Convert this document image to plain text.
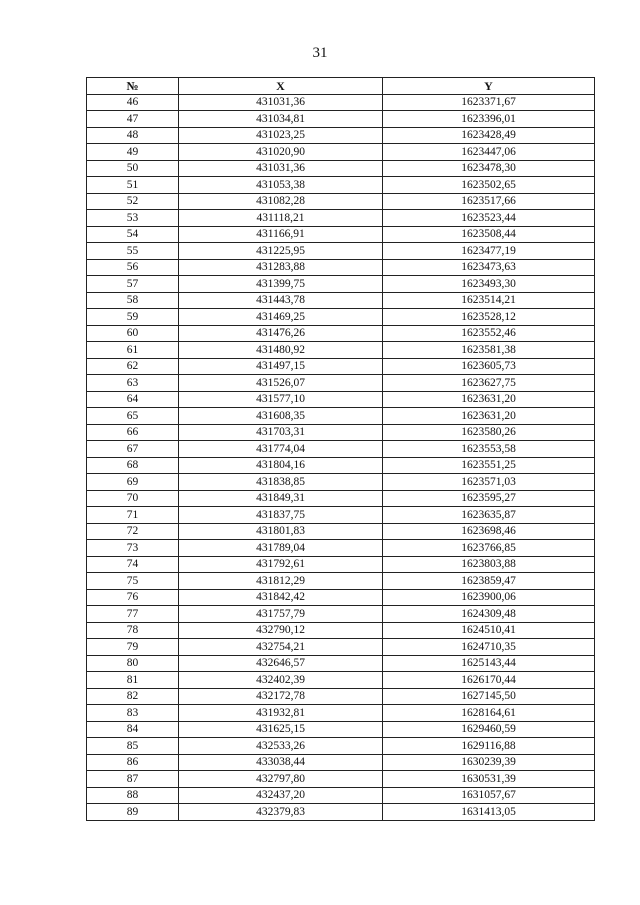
31
№	X	Y
46	431031,36	1623371,67
47	431034,81	1623396,01
48	431023,25	1623428,49
49	431020,90	1623447,06
50	431031,36	1623478,30
51	431053,38	1623502,65
52	431082,28	1623517,66
53	431118,21	1623523,44
54	431166,91	1623508,44
55	431225,95	1623477,19
56	431283,88	1623473,63
57	431399,75	1623493,30
58	431443,78	1623514,21
59	431469,25	1623528,12
60	431476,26	1623552,46
61	431480,92	1623581,38
62	431497,15	1623605,73
63	431526,07	1623627,75
64	431577,10	1623631,20
65	431608,35	1623631,20
66	431703,31	1623580,26
67	431774,04	1623553,58
68	431804,16	1623551,25
69	431838,85	1623571,03
70	431849,31	1623595,27
71	431837,75	1623635,87
72	431801,83	1623698,46
73	431789,04	1623766,85
74	431792,61	1623803,88
75	431812,29	1623859,47
76	431842,42	1623900,06
77	431757,79	1624309,48
78	432790,12	1624510,41
79	432754,21	1624710,35
80	432646,57	1625143,44
81	432402,39	1626170,44
82	432172,78	1627145,50
83	431932,81	1628164,61
84	431625,15	1629460,59
85	432533,26	1629116,88
86	433038,44	1630239,39
87	432797,80	1630531,39
88	432437,20	1631057,67
89	432379,83	1631413,05
